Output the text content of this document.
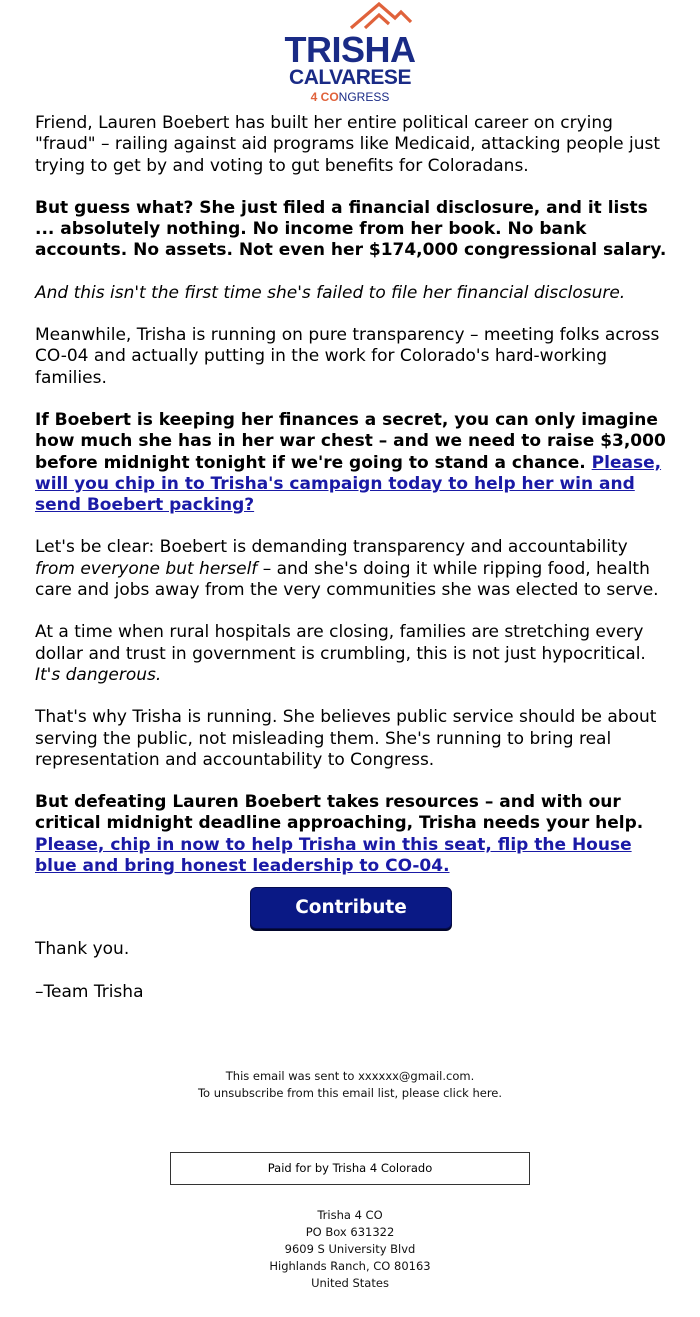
TRISHA
CALVARESE
4 CONGRESS

Friend, Lauren Boebert has built her entire political career on crying "fraud" – railing against aid programs like Medicaid, attacking people just trying to get by and voting to gut benefits for Coloradans.

But guess what? She just filed a financial disclosure, and it lists ... absolutely nothing. No income from her book. No bank accounts. No assets. Not even her $174,000 congressional salary.

And this isn't the first time she's failed to file her financial disclosure.

Meanwhile, Trisha is running on pure transparency – meeting folks across CO-04 and actually putting in the work for Colorado's hard-working families.

If Boebert is keeping her finances a secret, you can only imagine how much she has in her war chest – and we need to raise $3,000 before midnight tonight if we're going to stand a chance. Please, will you chip in to Trisha's campaign today to help her win and send Boebert packing?

Let's be clear: Boebert is demanding transparency and accountability from everyone but herself – and she's doing it while ripping food, health care and jobs away from the very communities she was elected to serve.

At a time when rural hospitals are closing, families are stretching every dollar and trust in government is crumbling, this is not just hypocritical. It's dangerous.

That's why Trisha is running. She believes public service should be about serving the public, not misleading them. She's running to bring real representation and accountability to Congress.

But defeating Lauren Boebert takes resources – and with our critical midnight deadline approaching, Trisha needs your help. Please, chip in now to help Trisha win this seat, flip the House blue and bring honest leadership to CO-04.

Contribute

Thank you.

–Team Trisha

This email was sent to xxxxxx@gmail.com.
To unsubscribe from this email list, please click here.
Paid for by Trisha 4 Colorado
Trisha 4 CO
PO Box 631322
9609 S University Blvd
Highlands Ranch, CO 80163
United States
